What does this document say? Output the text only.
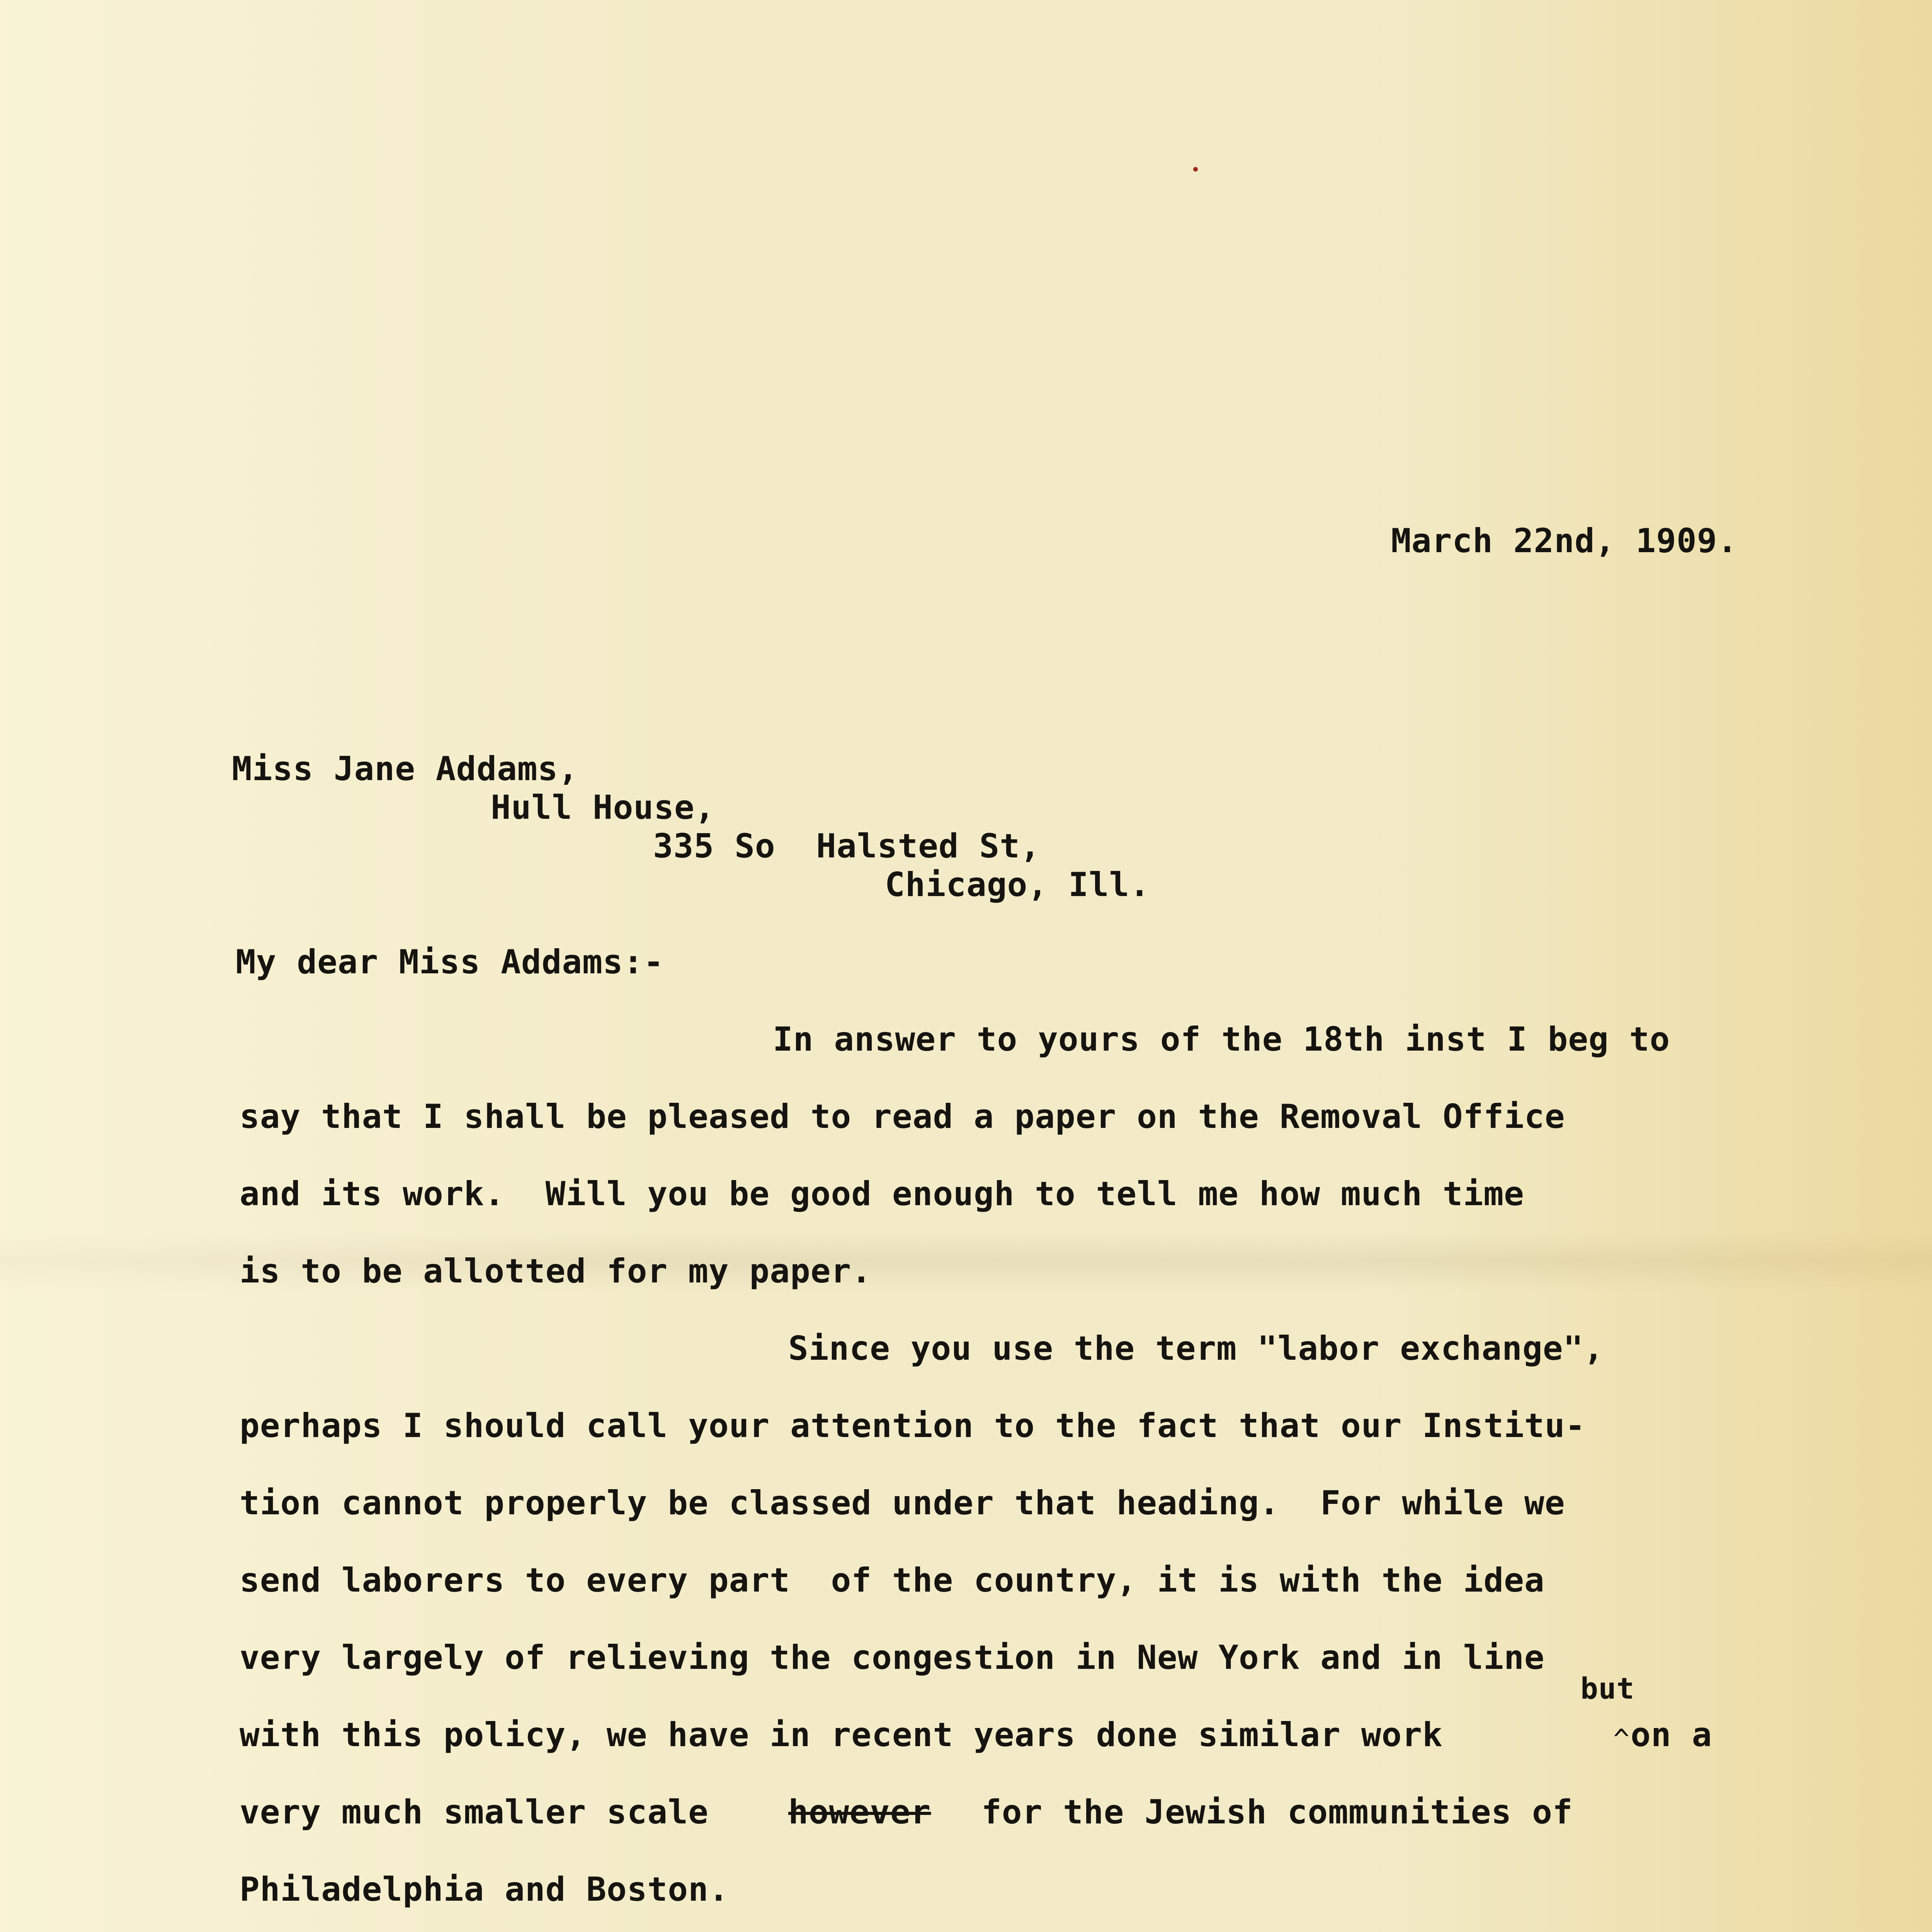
March 22nd, 1909.
Miss Jane Addams,
Hull House,
335 So  Halsted St,
Chicago, Ill.
My dear Miss Addams:-
In answer to yours of the 18th inst I beg to
say that I shall be pleased to read a paper on the Removal Office
and its work.  Will you be good enough to tell me how much time
is to be allotted for my paper.
Since you use the term "labor exchange",
perhaps I should call your attention to the fact that our Institu-
tion cannot properly be classed under that heading.  For while we
send laborers to every part  of the country, it is with the idea
very largely of relieving the congestion in New York and in line
but
with this policy, we have in recent years done similar work	^ on a
very much smaller scale however for the Jewish communities of
Philadelphia and Boston.
